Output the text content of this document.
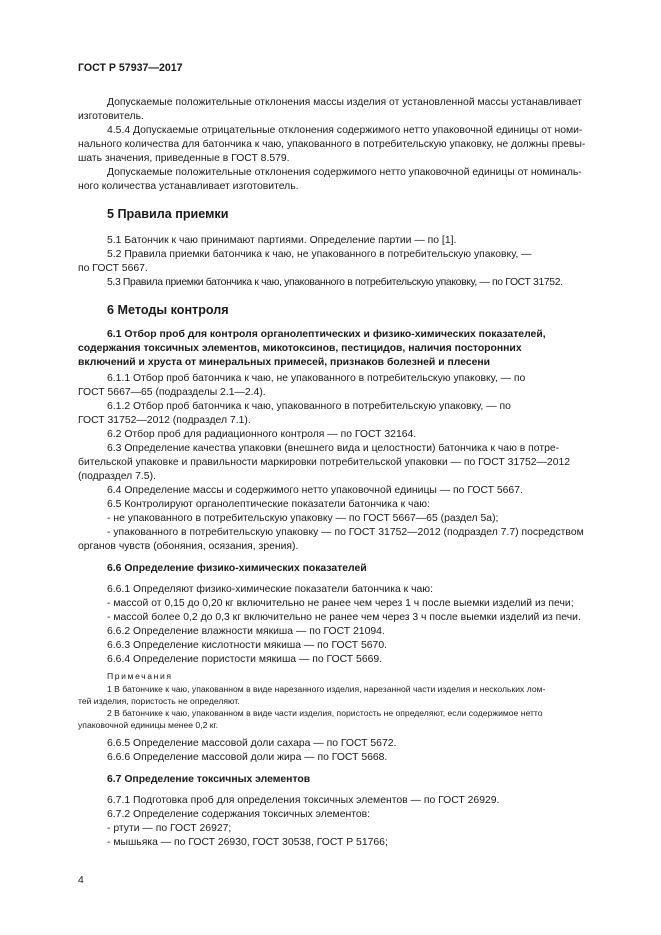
ГОСТ Р 57937—2017
Допускаемые положительные отклонения массы изделия от установленной массы устанавливает
изготовитель.
4.5.4 Допускаемые отрицательные отклонения содержимого нетто упаковочной единицы от номи-
нального количества для батончика к чаю, упакованного в потребительскую упаковку, не должны превы-
шать значения, приведенные в ГОСТ 8.579.
Допускаемые положительные отклонения содержимого нетто упаковочной единицы от номиналь-
ного количества устанавливает изготовитель.
5 Правила приемки
5.1 Батончик к чаю принимают партиями. Определение партии — по [1].
5.2 Правила приемки батончика к чаю, не упакованного в потребительскую упаковку, —
по ГОСТ 5667.
5.3 Правила приемки батончика к чаю, упакованного в потребительскую упаковку, — по ГОСТ 31752.
6 Методы контроля
6.1 Отбор проб для контроля органолептических и физико-химических показателей,
содержания токсичных элементов, микотоксинов, пестицидов, наличия посторонних
включений и хруста от минеральных примесей, признаков болезней и плесени
6.1.1 Отбор проб батончика к чаю, не упакованного в потребительскую упаковку, — по
ГОСТ 5667—65 (подразделы 2.1—2.4).
6.1.2 Отбор проб батончика к чаю, упакованного в потребительскую упаковку, — по
ГОСТ 31752—2012 (подраздел 7.1).
6.2 Отбор проб для радиационного контроля — по ГОСТ 32164.
6.3 Определение качества упаковки (внешнего вида и целостности) батончика к чаю в потре-
бительской упаковке и правильности маркировки потребительской упаковки — по ГОСТ 31752—2012
(подраздел 7.5).
6.4 Определение массы и содержимого нетто упаковочной единицы — по ГОСТ 5667.
6.5 Контролируют органолептические показатели батончика к чаю:
- не упакованного в потребительскую упаковку — по ГОСТ 5667—65 (раздел 5а);
- упакованного в потребительскую упаковку — по ГОСТ 31752—2012 (подраздел 7.7) посредством
органов чувств (обоняния, осязания, зрения).
6.6 Определение физико-химических показателей
6.6.1 Определяют физико-химические показатели батончика к чаю:
- массой от 0,15 до 0,20 кг включительно не ранее чем через 1 ч после выемки изделий из печи;
- массой более 0,2 до 0,3 кг включительно не ранее чем через 3 ч после выемки изделий из печи.
6.6.2 Определение влажности мякиша — по ГОСТ 21094.
6.6.3 Определение кислотности мякиша — по ГОСТ 5670.
6.6.4 Определение пористости мякиша — по ГОСТ 5669.
Примечания
1 В батончике к чаю, упакованном в виде нарезанного изделия, нарезанной части изделия и нескольких лом-
тей изделия, пористость не определяют.
2 В батончике к чаю, упакованном в виде части изделия, пористость не определяют, если содержимое нетто
упаковочной единицы менее 0,2 кг.
6.6.5 Определение массовой доли сахара — по ГОСТ 5672.
6.6.6 Определение массовой доли жира — по ГОСТ 5668.
6.7 Определение токсичных элементов
6.7.1 Подготовка проб для определения токсичных элементов — по ГОСТ 26929.
6.7.2 Определение содержания токсичных элементов:
- ртути — по ГОСТ 26927;
- мышьяка — по ГОСТ 26930, ГОСТ 30538, ГОСТ Р 51766;
4
